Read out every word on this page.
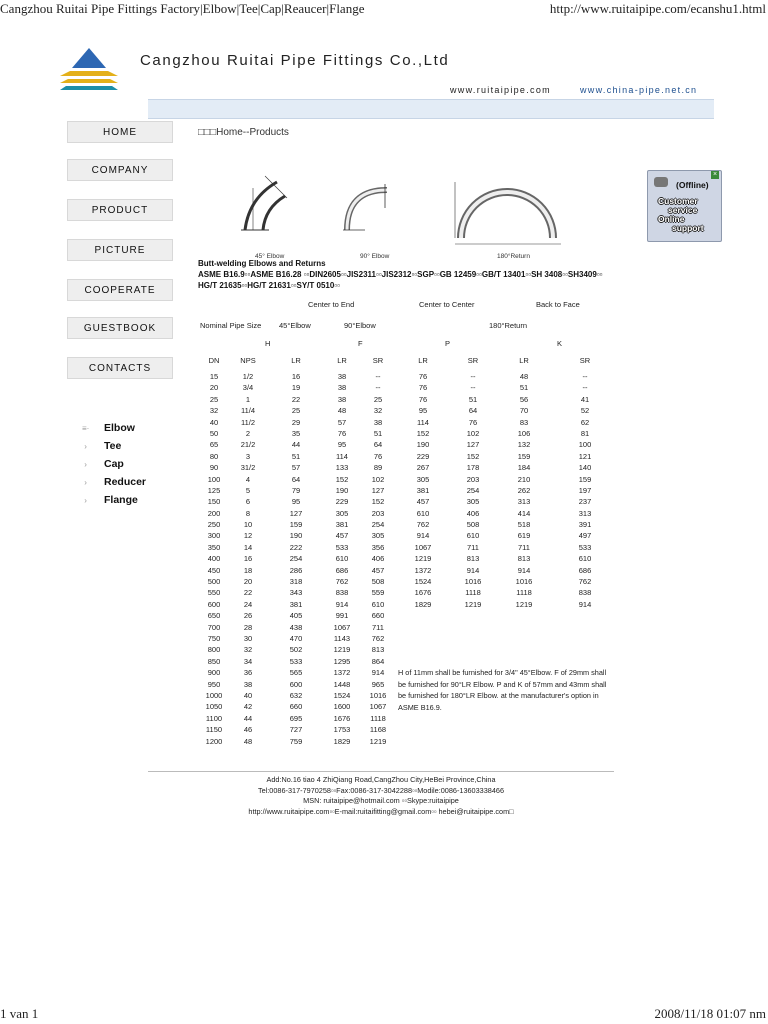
Cangzhou Ruitai Pipe Fittings Factory|Elbow|Tee|Cap|Reaucer|Flange	http://www.ruitaipipe.com/ecanshu1.html
Cangzhou Ruitai Pipe Fittings Co.,Ltd
www.ruitaipipe.com	www.china-pipe.net.cn
HOME
COMPANY
PRODUCT
PICTURE
COOPERATE
GUESTBOOK
CONTACTS
≡·	Elbow
›	Tee
›	Cap
›	Reducer
›	Flange
□□□Home--Products
45° Elbow	90° Elbow	180°Return
Butt-welding Elbows and Returns
ASME B16.9▫▫ASME B16.28 ▫▫DIN2605▫▫JIS2311▫▫JIS2312▫▫SGP▫▫GB 12459▫▫GB/T 13401▫▫SH 3408▫▫SH3409▫▫
HG/T 21635▫▫HG/T 21631▫▫SY/T 0510▫▫
Center to End	Center to Center	Back to Face
Nominal Pipe Size 45°Elbow	90°Elbow	180°Return
H	F	P	K
DN	NPS	LR	LR	SR	LR	SR	LR	SR
15	1/2	16	38	--	76	--	48	--
20	3/4	19	38	--	76	--	51	--
25	1	22	38	25	76	51	56	41
32	11/4	25	48	32	95	64	70	52
40	11/2	29	57	38	114	76	83	62
50	2	35	76	51	152	102	106	81
65	21/2	44	95	64	190	127	132	100
80	3	51	114	76	229	152	159	121
90	31/2	57	133	89	267	178	184	140
100	4	64	152	102	305	203	210	159
125	5	79	190	127	381	254	262	197
150	6	95	229	152	457	305	313	237
200	8	127	305	203	610	406	414	313
250	10	159	381	254	762	508	518	391
300	12	190	457	305	914	610	619	497
350	14	222	533	356	1067	711	711	533
400	16	254	610	406	1219	813	813	610
450	18	286	686	457	1372	914	914	686
500	20	318	762	508	1524	1016	1016	762
550	22	343	838	559	1676	1118	1118	838
600	24	381	914	610	1829	1219	1219	914
650	26	405	991	660
700	28	438	1067	711
750	30	470	1143	762
800	32	502	1219	813
850	34	533	1295	864
900	36	565	1372	914
950	38	600	1448	965
1000	40	632	1524	1016
1050	42	660	1600	1067
1100	44	695	1676	1118
1150	46	727	1753	1168
1200	48	759	1829	1219
H of 11mm shall be furnished for 3/4" 45°Elbow. F of 29mm shall be furnished for 90°LR Elbow. P and K of 57mm and 43mm shall be furnished for 180°LR Elbow. at the manufacturer's option in ASME B16.9.
Add:No.16 tiao 4 ZhiQiang Road,CangZhou City,HeBei Province,China
Tel:0086-317-7970258▫▫Fax:0086-317-3042288▫▫Modile:0086-13603338466
MSN: ruitaipipe@hotmail.com ▫▫Skype:ruitaipipe
http://www.ruitaipipe.com▫▫E-mail:ruitaifitting@gmail.com▫▫ hebei@ruitaipipe.com□
(Offline)
×
Customer
service
Online
support
1 van 1	2008/11/18 01:07 nm
